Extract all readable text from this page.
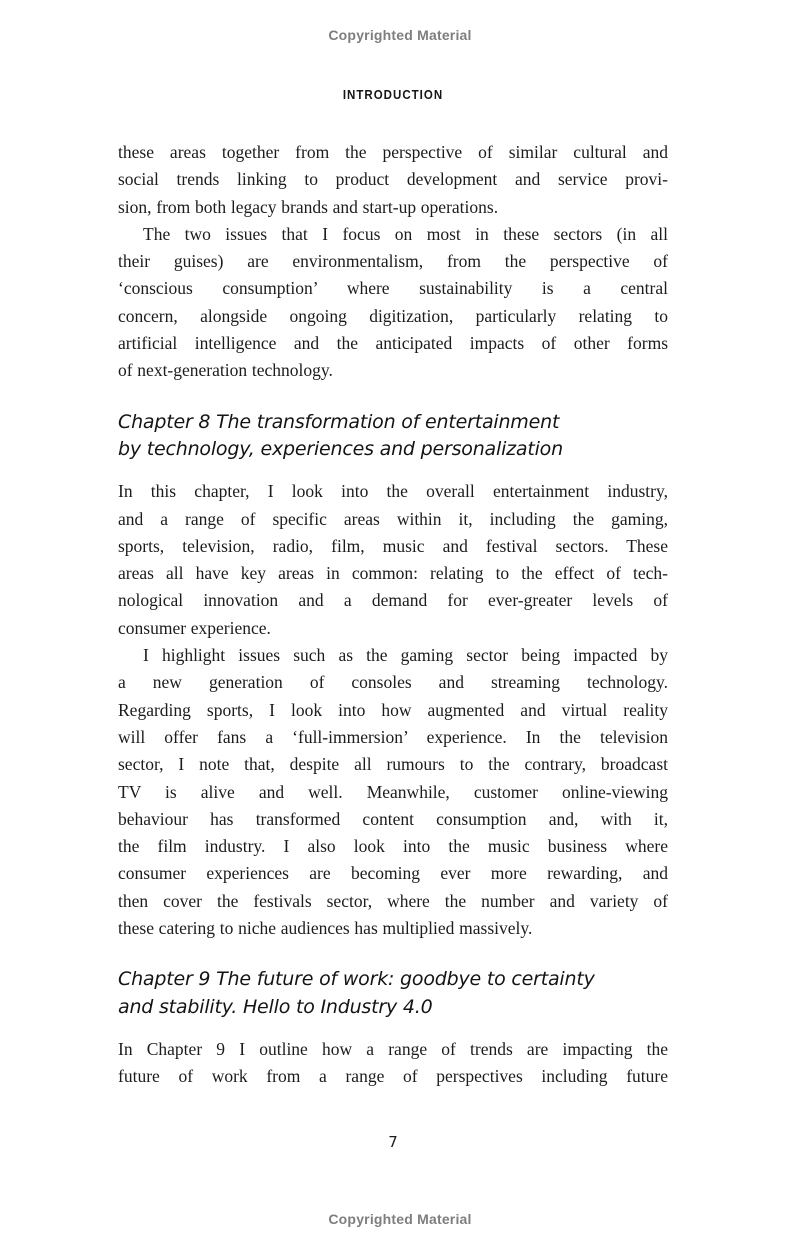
Copyrighted Material
INTRODUCTION
these areas together from the perspective of similar cultural and
social trends linking to product development and service provi-
sion, from both legacy brands and start-up operations.
The two issues that I focus on most in these sectors (in all
their guises) are environmentalism, from the perspective of
‘conscious consumption’ where sustainability is a central
concern, alongside ongoing digitization, particularly relating to
artificial intelligence and the anticipated impacts of other forms
of next-generation technology.
Chapter 8 The transformation of entertainment
by technology, experiences and personalization
In this chapter, I look into the overall entertainment industry,
and a range of specific areas within it, including the gaming,
sports, television, radio, film, music and festival sectors. These
areas all have key areas in common: relating to the effect of tech-
nological innovation and a demand for ever-greater levels of
consumer experience.
I highlight issues such as the gaming sector being impacted by
a new generation of consoles and streaming technology.
Regarding sports, I look into how augmented and virtual reality
will offer fans a ‘full-immersion’ experience. In the television
sector, I note that, despite all rumours to the contrary, broadcast
TV is alive and well. Meanwhile, customer online-viewing
behaviour has transformed content consumption and, with it,
the film industry. I also look into the music business where
consumer experiences are becoming ever more rewarding, and
then cover the festivals sector, where the number and variety of
these catering to niche audiences has multiplied massively.
Chapter 9 The future of work: goodbye to certainty
and stability. Hello to Industry 4.0
In Chapter 9 I outline how a range of trends are impacting the
future of work from a range of perspectives including future
7
Copyrighted Material
